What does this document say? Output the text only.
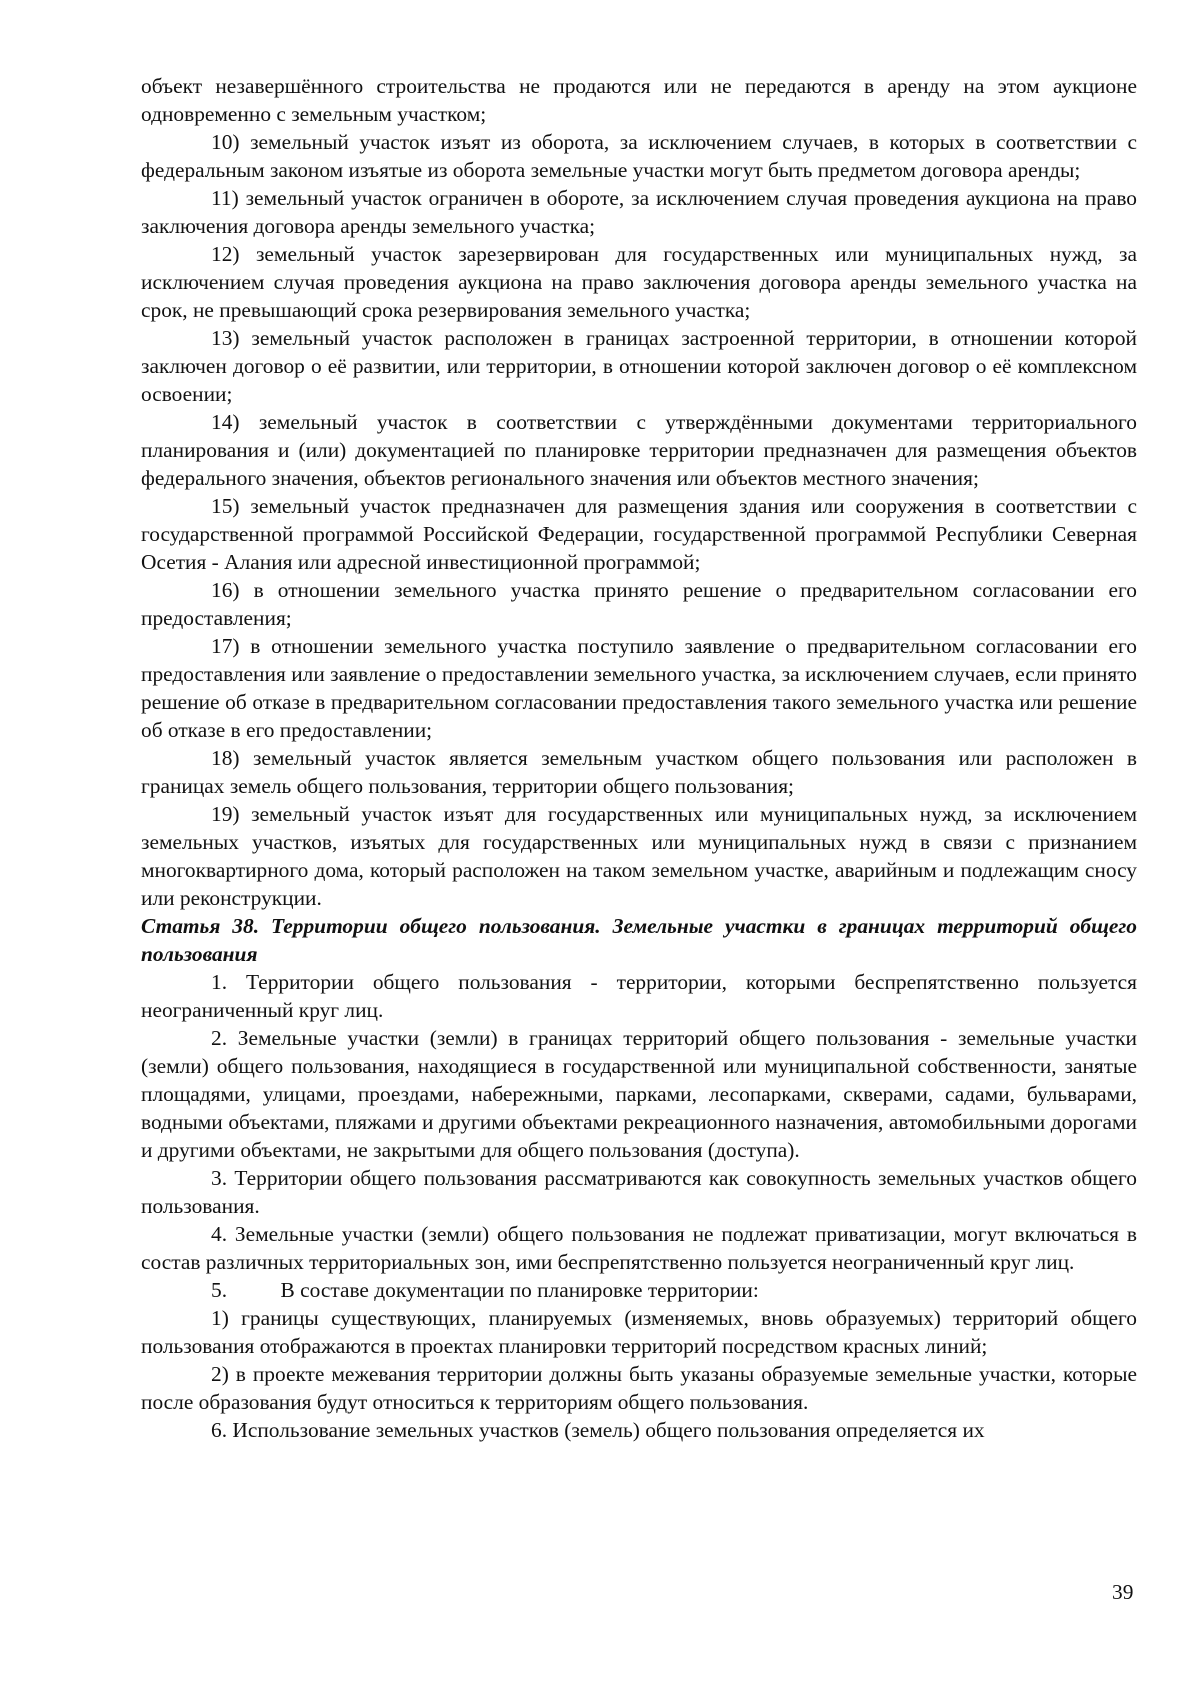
объект незавершённого строительства не продаются или не передаются в аренду на этом аукционе одновременно с земельным участком;

10) земельный участок изъят из оборота, за исключением случаев, в которых в соответствии с федеральным законом изъятые из оборота земельные участки могут быть предметом договора аренды;

11) земельный участок ограничен в обороте, за исключением случая проведения аукциона на право заключения договора аренды земельного участка;

12) земельный участок зарезервирован для государственных или муниципальных нужд, за исключением случая проведения аукциона на право заключения договора аренды земельного участка на срок, не превышающий срока резервирования земельного участка;

13) земельный участок расположен в границах застроенной территории, в отношении которой заключен договор о её развитии, или территории, в отношении которой заключен договор о её комплексном освоении;

14) земельный участок в соответствии с утверждёнными документами территориального планирования и (или) документацией по планировке территории предназначен для размещения объектов федерального значения, объектов регионального значения или объектов местного значения;

15) земельный участок предназначен для размещения здания или сооружения в соответствии с государственной программой Российской Федерации, государственной программой Республики Северная Осетия - Алания или адресной инвестиционной программой;

16) в отношении земельного участка принято решение о предварительном согласовании его предоставления;

17) в отношении земельного участка поступило заявление о предварительном согласовании его предоставления или заявление о предоставлении земельного участка, за исключением случаев, если принято решение об отказе в предварительном согласовании предоставления такого земельного участка или решение об отказе в его предоставлении;

18) земельный участок является земельным участком общего пользования или расположен в границах земель общего пользования, территории общего пользования;

19) земельный участок изъят для государственных или муниципальных нужд, за исключением земельных участков, изъятых для государственных или муниципальных нужд в связи с признанием многоквартирного дома, который расположен на таком земельном участке, аварийным и подлежащим сносу или реконструкции.

Статья 38. Территории общего пользования. Земельные участки в границах территорий общего пользования

1. Территории общего пользования - территории, которыми беспрепятственно пользуется неограниченный круг лиц.

2. Земельные участки (земли) в границах территорий общего пользования - земельные участки (земли) общего пользования, находящиеся в государственной или муниципальной собственности, занятые площадями, улицами, проездами, набережными, парками, лесопарками, скверами, садами, бульварами, водными объектами, пляжами и другими объектами рекреационного назначения, автомобильными дорогами и другими объектами, не закрытыми для общего пользования (доступа).

3. Территории общего пользования рассматриваются как совокупность земельных участков общего пользования.

4. Земельные участки (земли) общего пользования не подлежат приватизации, могут включаться в состав различных территориальных зон, ими беспрепятственно пользуется неограниченный круг лиц.

5.          В составе документации по планировке территории:

1) границы существующих, планируемых (изменяемых, вновь образуемых) территорий общего пользования отображаются в проектах планировки территорий посредством красных линий;

2) в проекте межевания территории должны быть указаны образуемые земельные участки, которые после образования будут относиться к территориям общего пользования.

6. Использование земельных участков (земель) общего пользования определяется их

39
